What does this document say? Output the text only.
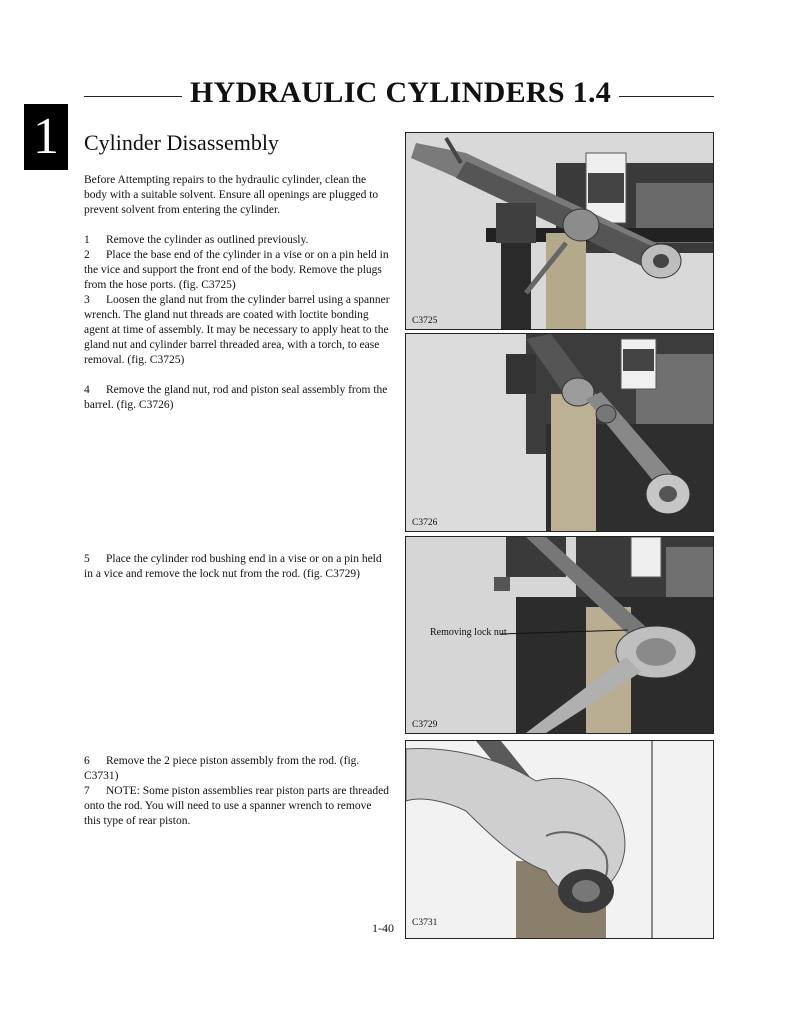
HYDRAULIC CYLINDERS 1.4
1	Cylinder Disassembly

Before Attempting repairs to the hydraulic cylinder, clean the body with a suitable solvent. Ensure all openings are plugged to prevent solvent from entering the cylinder.

1 Remove the cylinder as outlined previously.
2 Place the base end of the cylinder in a vise or on a pin held in the vice and support the front end of the body. Remove the plugs from the hose ports. (fig. C3725)
3 Loosen the gland nut from the cylinder barrel using a spanner wrench. The gland nut threads are coated with loctite bonding agent at time of assembly. It may be necessary to apply heat to the gland nut and cylinder barrel threaded area, with a torch, to ease removal. (fig. C3725)

4 Remove the gland nut, rod and piston seal assembly from the barrel. (fig. C3726)

5 Place the cylinder rod bushing end in a vise or on a pin held in a vice and remove the lock nut from the rod. (fig. C3729)

6 Remove the 2 piece piston assembly from the rod. (fig. C3731)
7 NOTE: Some piston assemblies rear piston parts are threaded onto the rod. You will need to use a spanner wrench to remove this type of rear piston.

C3725
C3726
Removing lock nut
C3729
C3731
1-40
